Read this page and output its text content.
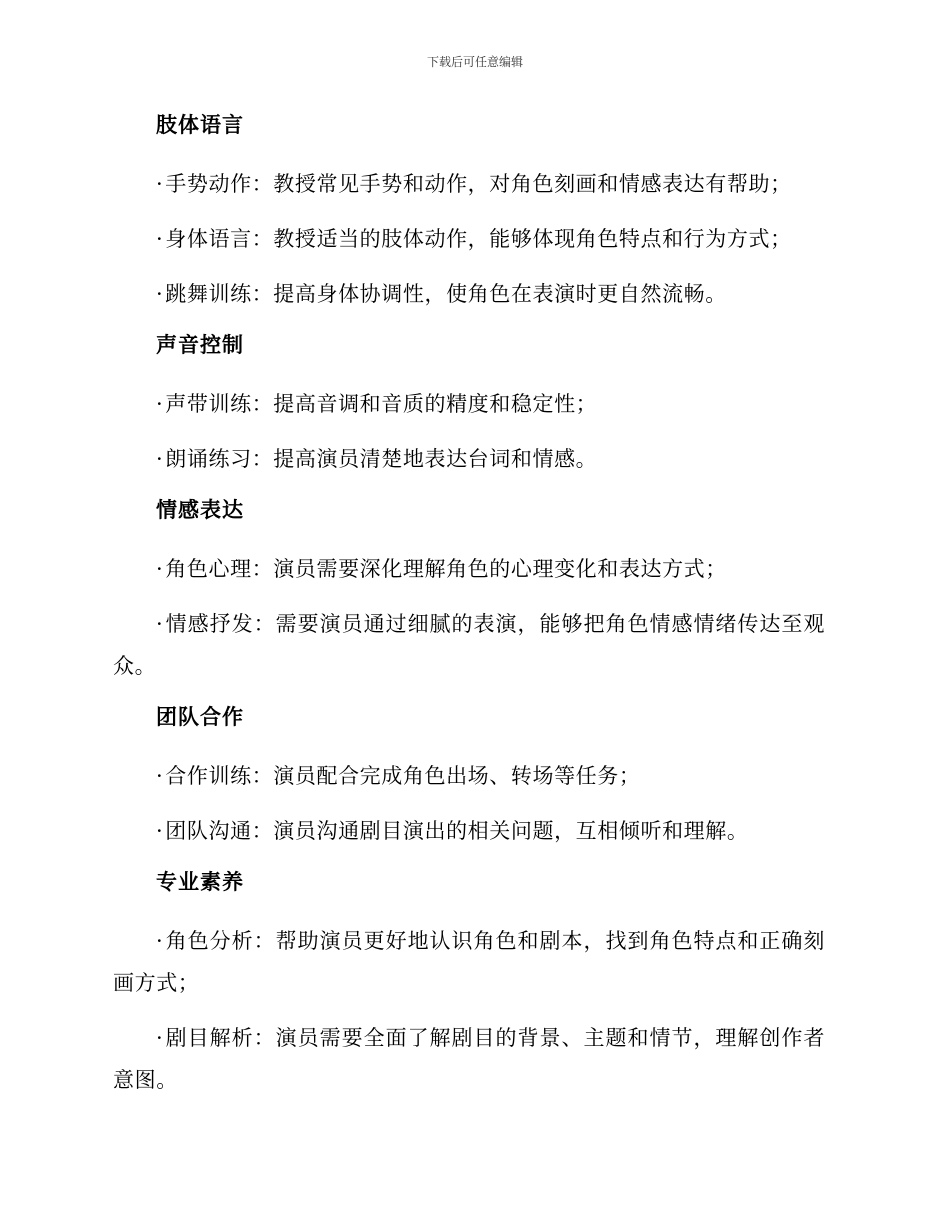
下载后可任意编辑
肢体语言

·手势动作：教授常见手势和动作，对角色刻画和情感表达有帮助；

·身体语言：教授适当的肢体动作，能够体现角色特点和行为方式；

·跳舞训练：提高身体协调性，使角色在表演时更自然流畅。

声音控制

·声带训练：提高音调和音质的精度和稳定性；

·朗诵练习：提高演员清楚地表达台词和情感。

情感表达

·角色心理：演员需要深化理解角色的心理变化和表达方式；

·情感抒发：需要演员通过细腻的表演，能够把角色情感情绪传达至观众。

团队合作

·合作训练：演员配合完成角色出场、转场等任务；

·团队沟通：演员沟通剧目演出的相关问题，互相倾听和理解。

专业素养

·角色分析：帮助演员更好地认识角色和剧本，找到角色特点和正确刻画方式；

·剧目解析：演员需要全面了解剧目的背景、主题和情节，理解创作者意图。
